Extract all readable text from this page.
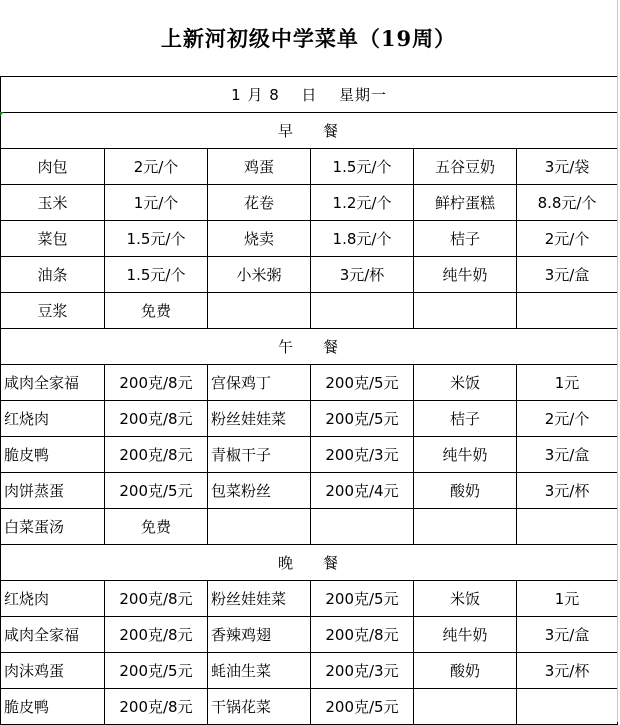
上新河初级中学菜单（19周）
1 月 8 日 星期一					
早 餐					
肉包	2元/个	鸡蛋	1.5元/个	五谷豆奶	3元/袋
玉米	1元/个	花卷	1.2元/个	鲜柠蛋糕	8.8元/个
菜包	1.5元/个	烧卖	1.8元/个	桔子	2元/个
油条	1.5元/个	小米粥	3元/杯	纯牛奶	3元/盒
豆浆	免费				
午 餐					
咸肉全家福	200克/8元	宫保鸡丁	200克/5元	米饭	1元
红烧肉	200克/8元	粉丝娃娃菜	200克/5元	桔子	2元/个
脆皮鸭	200克/8元	青椒干子	200克/3元	纯牛奶	3元/盒
肉饼蒸蛋	200克/5元	包菜粉丝	200克/4元	酸奶	3元/杯
白菜蛋汤	免费				
晚 餐					
红烧肉	200克/8元	粉丝娃娃菜	200克/5元	米饭	1元
咸肉全家福	200克/8元	香辣鸡翅	200克/8元	纯牛奶	3元/盒
肉沫鸡蛋	200克/5元	蚝油生菜	200克/3元	酸奶	3元/杯
脆皮鸭	200克/8元	干锅花菜	200克/5元		
